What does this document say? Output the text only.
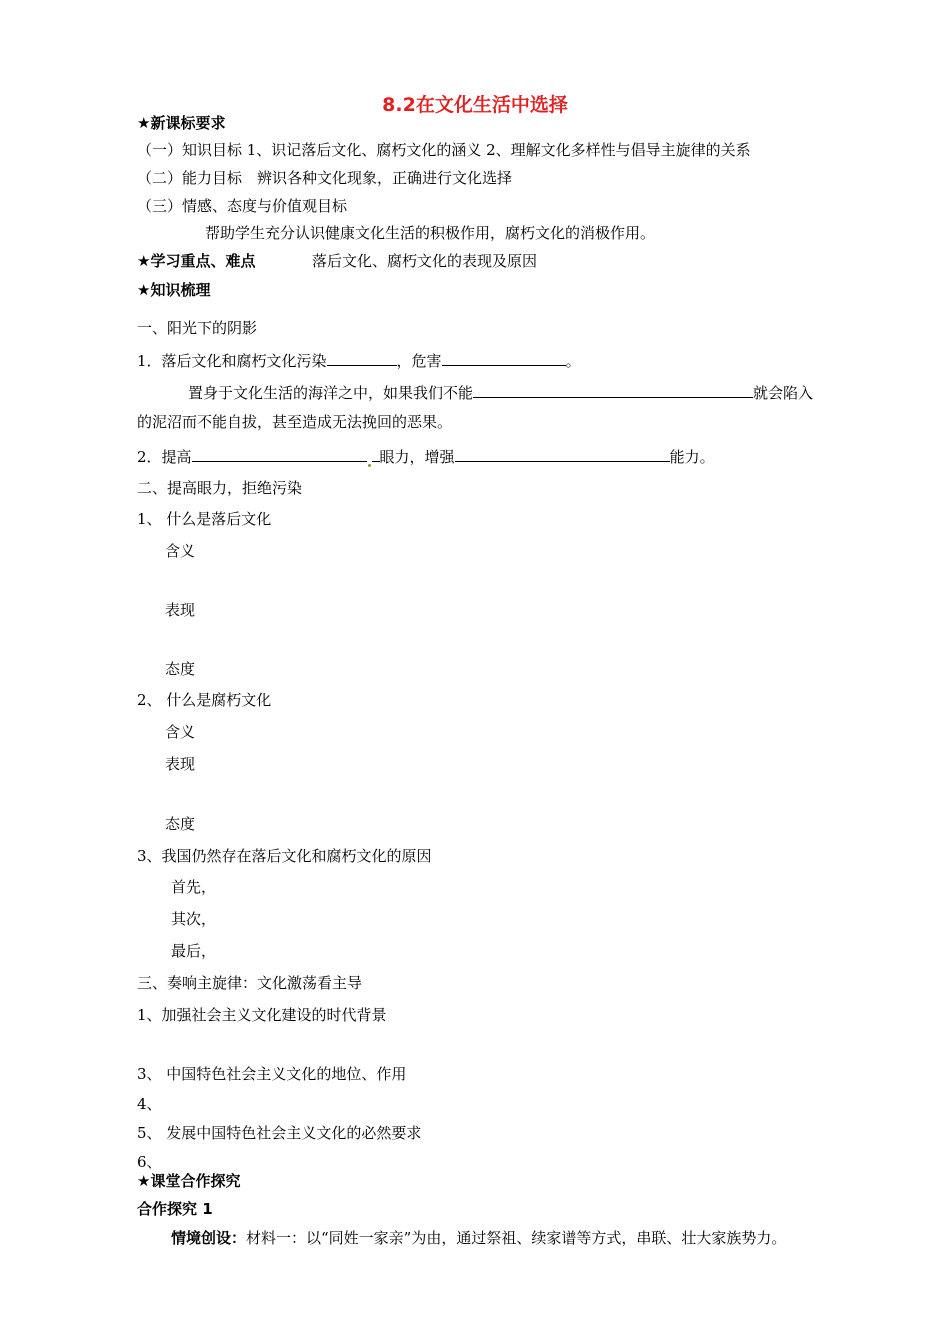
8.2在文化生活中选择
★新课标要求
（一）知识目标 1、识记落后文化、腐朽文化的涵义 2、理解文化多样性与倡导主旋律的关系
（二）能力目标　辨识各种文化现象，正确进行文化选择
（三）情感、态度与价值观目标
帮助学生充分认识健康文化生活的积极作用，腐朽文化的消极作用。
★学习重点、难点	落后文化、腐朽文化的表现及原因
★知识梳理
一、阳光下的阴影
1．落后文化和腐朽文化污染	，危害	。
置身于文化生活的海洋之中，如果我们不能	就会陷入
的泥沼而不能自拔，甚至造成无法挽回的恶果。
2．提高	眼力，增强	能力。
二、提高眼力，拒绝污染
1、 什么是落后文化
含义
表现
态度
2、 什么是腐朽文化
含义
表现
态度
3、我国仍然存在落后文化和腐朽文化的原因
首先，
其次，
最后，
三、奏响主旋律：文化激荡看主导
1、加强社会主义文化建设的时代背景
3、 中国特色社会主义文化的地位、作用
4、
5、 发展中国特色社会主义文化的必然要求
6、
★课堂合作探究
合作探究 1
情境创设：材料一：以“同姓一家亲”为由，通过祭祖、续家谱等方式，串联、壮大家族势力。
